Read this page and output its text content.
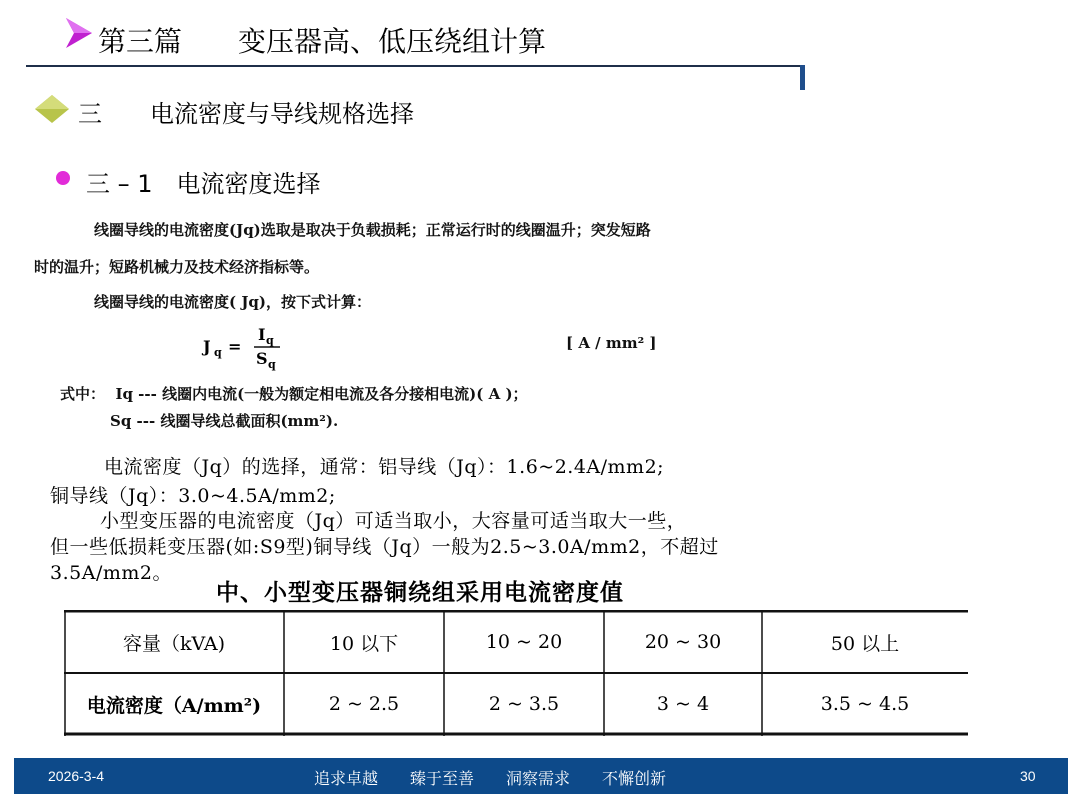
第三篇　　变压器高、低压绕组计算
三　　电流密度与导线规格选择
三 – 1　电流密度选择
线圈导线的电流密度(Jq)选取是取决于负载损耗；正常运行时的线圈温升；突发短路
时的温升；短路机械力及技术经济指标等。
线圈导线的电流密度( Jq)，按下式计算：
J q =
I q
S q
[ A / mm² ]
式中：  Iq --- 线圈内电流(一般为额定相电流及各分接相电流)( A )；
Sq --- 线圈导线总截面积(mm²).
电流密度（Jq）的选择，通常：铝导线（Jq）：1.6~2.4A/mm2;
铜导线（Jq）：3.0~4.5A/mm2;
小型变压器的电流密度（Jq）可适当取小，大容量可适当取大一些，
但一些低损耗变压器(如:S9型)铜导线（Jq）一般为2.5~3.0A/mm2，不超过
3.5A/mm2。
中、小型变压器铜绕组采用电流密度值
容量（kVA)	10 以下	10 ~ 20	20 ~ 30	50 以上
电流密度（A/mm²)	2 ~ 2.5	2 ~ 3.5	3 ~ 4	3.5 ~ 4.5
2026-3-4	追求卓越　　臻于至善　　洞察需求　　不懈创新	30
